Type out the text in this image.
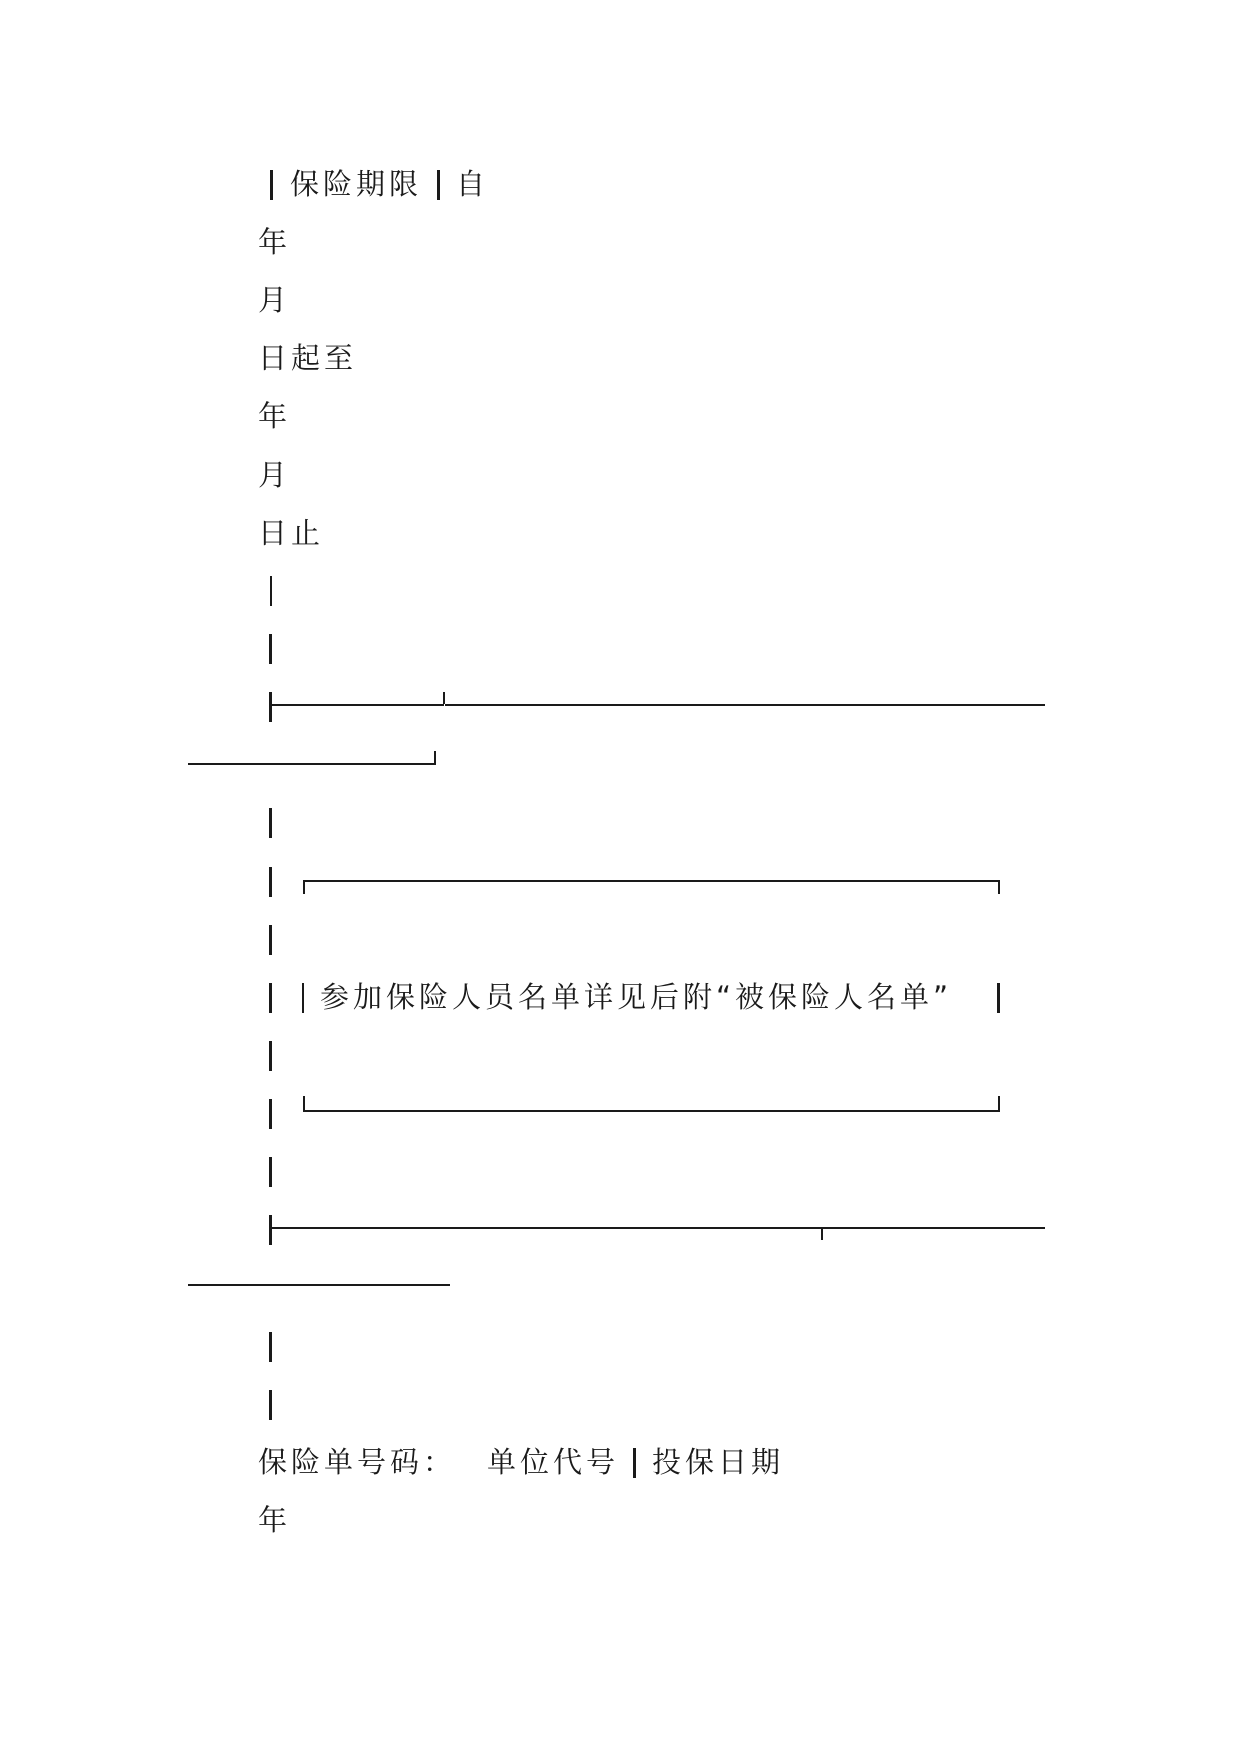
保险期限 自
年
月
日起至
年
月
日止
参加保险人员名单详见后附“被保险人名单”
保险单号码： 单位代号 投保日期
年
